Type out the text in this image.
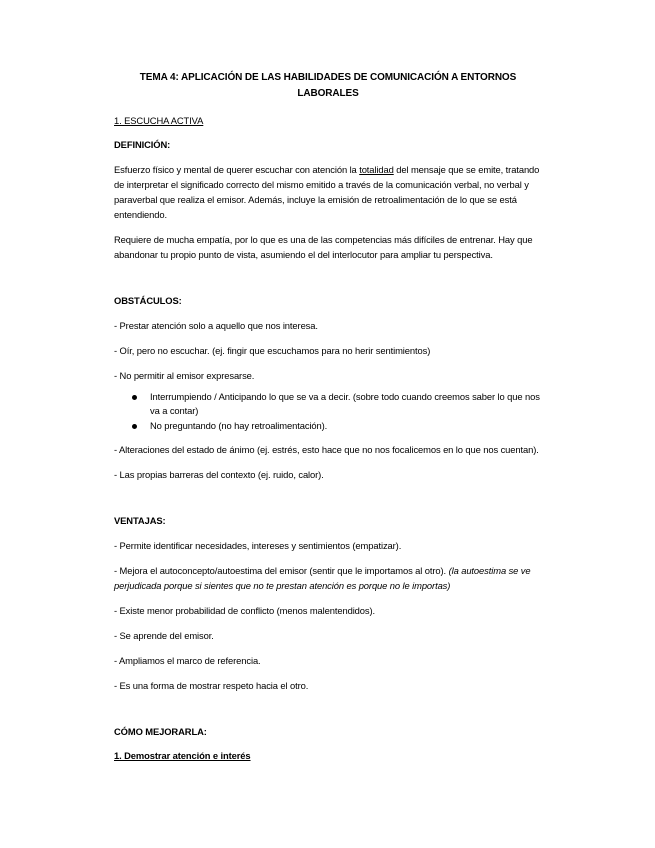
TEMA 4: APLICACIÓN DE LAS HABILIDADES DE COMUNICACIÓN A ENTORNOS LABORALES
1. ESCUCHA ACTIVA
DEFINICIÓN:

Esfuerzo físico y mental de querer escuchar con atención la totalidad del mensaje que se emite, tratando de interpretar el significado correcto del mismo emitido a través de la comunicación verbal, no verbal y paraverbal que realiza el emisor. Además, incluye la emisión de retroalimentación de lo que se está entendiendo.

Requiere de mucha empatía, por lo que es una de las competencias más difíciles de entrenar. Hay que abandonar tu propio punto de vista, asumiendo el del interlocutor para ampliar tu perspectiva.

OBSTÁCULOS:

- Prestar atención solo a aquello que nos interesa.

- Oír, pero no escuchar. (ej. fingir que escuchamos para no herir sentimientos)

- No permitir al emisor expresarse.

Interrumpiendo / Anticipando lo que se va a decir. (sobre todo cuando creemos saber lo que nos va a contar)
No preguntando (no hay retroalimentación).

- Alteraciones del estado de ánimo (ej. estrés, esto hace que no nos focalicemos en lo que nos cuentan).

- Las propias barreras del contexto (ej. ruido, calor).

VENTAJAS:

- Permite identificar necesidades, intereses y sentimientos (empatizar).

- Mejora el autoconcepto/autoestima del emisor (sentir que le importamos al otro). (la autoestima se ve perjudicada porque si sientes que no te prestan atención es porque no le importas)

- Existe menor probabilidad de conflicto (menos malentendidos).

- Se aprende del emisor.

- Ampliamos el marco de referencia.

- Es una forma de mostrar respeto hacia el otro.

CÓMO MEJORARLA:
1. Demostrar atención e interés
